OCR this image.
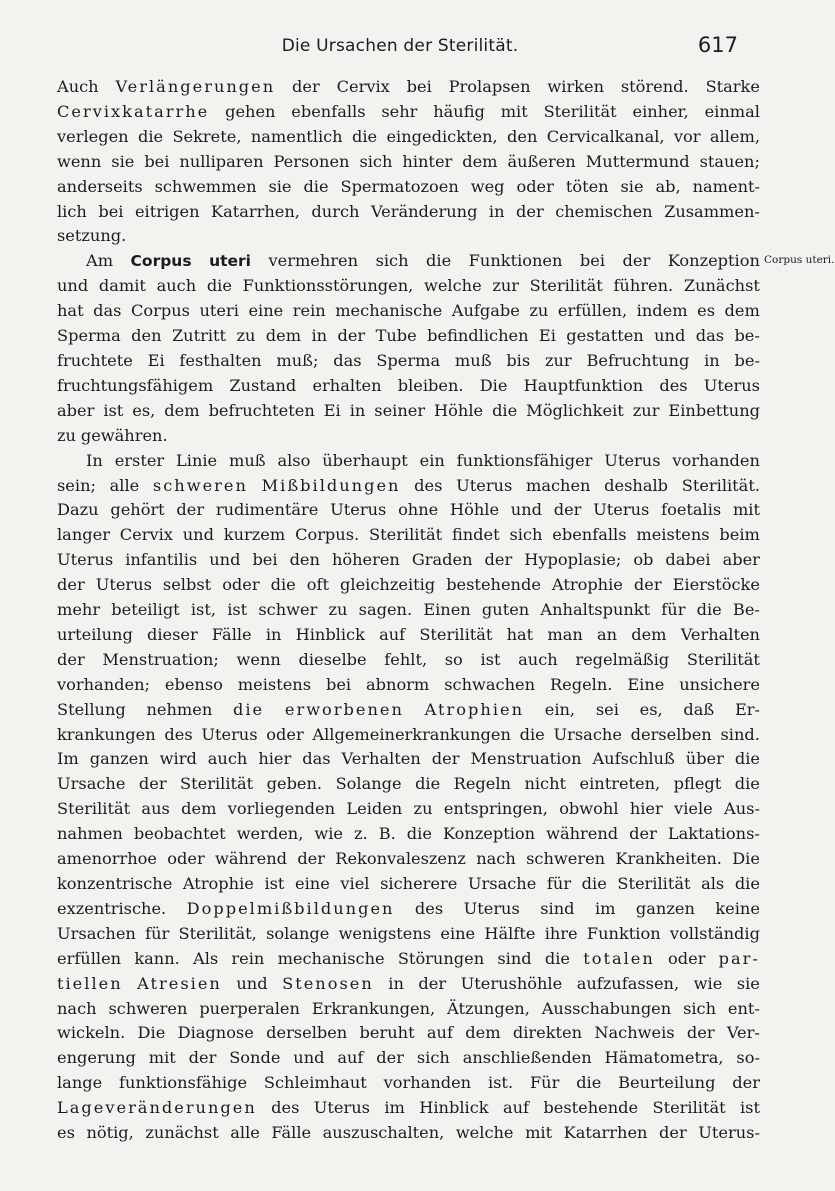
Die Ursachen der Sterilität.	617
Auch Verlängerungen der Cervix bei Prolapsen wirken störend. Starke
Cervixkatarrhe gehen ebenfalls sehr häufig mit Sterilität einher, einmal
verlegen die Sekrete, namentlich die eingedickten, den Cervicalkanal, vor allem,
wenn sie bei nulliparen Personen sich hinter dem äußeren Muttermund stauen;
anderseits schwemmen sie die Spermatozoen weg oder töten sie ab, nament-
lich bei eitrigen Katarrhen, durch Veränderung in der chemischen Zusammen-
setzung.
Am Corpus uteri vermehren sich die Funktionen bei der Konzeption
und damit auch die Funktionsstörungen, welche zur Sterilität führen. Zunächst
hat das Corpus uteri eine rein mechanische Aufgabe zu erfüllen, indem es dem
Sperma den Zutritt zu dem in der Tube befindlichen Ei gestatten und das be-
fruchtete Ei festhalten muß; das Sperma muß bis zur Befruchtung in be-
fruchtungsfähigem Zustand erhalten bleiben. Die Hauptfunktion des Uterus
aber ist es, dem befruchteten Ei in seiner Höhle die Möglichkeit zur Einbettung
zu gewähren.
In erster Linie muß also überhaupt ein funktionsfähiger Uterus vorhanden
sein; alle schweren Mißbildungen des Uterus machen deshalb Sterilität.
Dazu gehört der rudimentäre Uterus ohne Höhle und der Uterus foetalis mit
langer Cervix und kurzem Corpus. Sterilität findet sich ebenfalls meistens beim
Uterus infantilis und bei den höheren Graden der Hypoplasie; ob dabei aber
der Uterus selbst oder die oft gleichzeitig bestehende Atrophie der Eierstöcke
mehr beteiligt ist, ist schwer zu sagen. Einen guten Anhaltspunkt für die Be-
urteilung dieser Fälle in Hinblick auf Sterilität hat man an dem Verhalten
der Menstruation; wenn dieselbe fehlt, so ist auch regelmäßig Sterilität
vorhanden; ebenso meistens bei abnorm schwachen Regeln. Eine unsichere
Stellung nehmen die erworbenen Atrophien ein, sei es, daß Er-
krankungen des Uterus oder Allgemeinerkrankungen die Ursache derselben sind.
Im ganzen wird auch hier das Verhalten der Menstruation Aufschluß über die
Ursache der Sterilität geben. Solange die Regeln nicht eintreten, pflegt die
Sterilität aus dem vorliegenden Leiden zu entspringen, obwohl hier viele Aus-
nahmen beobachtet werden, wie z. B. die Konzeption während der Laktations-
amenorrhoe oder während der Rekonvaleszenz nach schweren Krankheiten. Die
konzentrische Atrophie ist eine viel sicherere Ursache für die Sterilität als die
exzentrische. Doppelmißbildungen des Uterus sind im ganzen keine
Ursachen für Sterilität, solange wenigstens eine Hälfte ihre Funktion vollständig
erfüllen kann. Als rein mechanische Störungen sind die totalen oder par-
tiellen Atresien und Stenosen in der Uterushöhle aufzufassen, wie sie
nach schweren puerperalen Erkrankungen, Ätzungen, Ausschabungen sich ent-
wickeln. Die Diagnose derselben beruht auf dem direkten Nachweis der Ver-
engerung mit der Sonde und auf der sich anschließenden Hämatometra, so-
lange funktionsfähige Schleimhaut vorhanden ist. Für die Beurteilung der
Lageveränderungen des Uterus im Hinblick auf bestehende Sterilität ist
es nötig, zunächst alle Fälle auszuschalten, welche mit Katarrhen der Uterus-
Corpus uteri.
